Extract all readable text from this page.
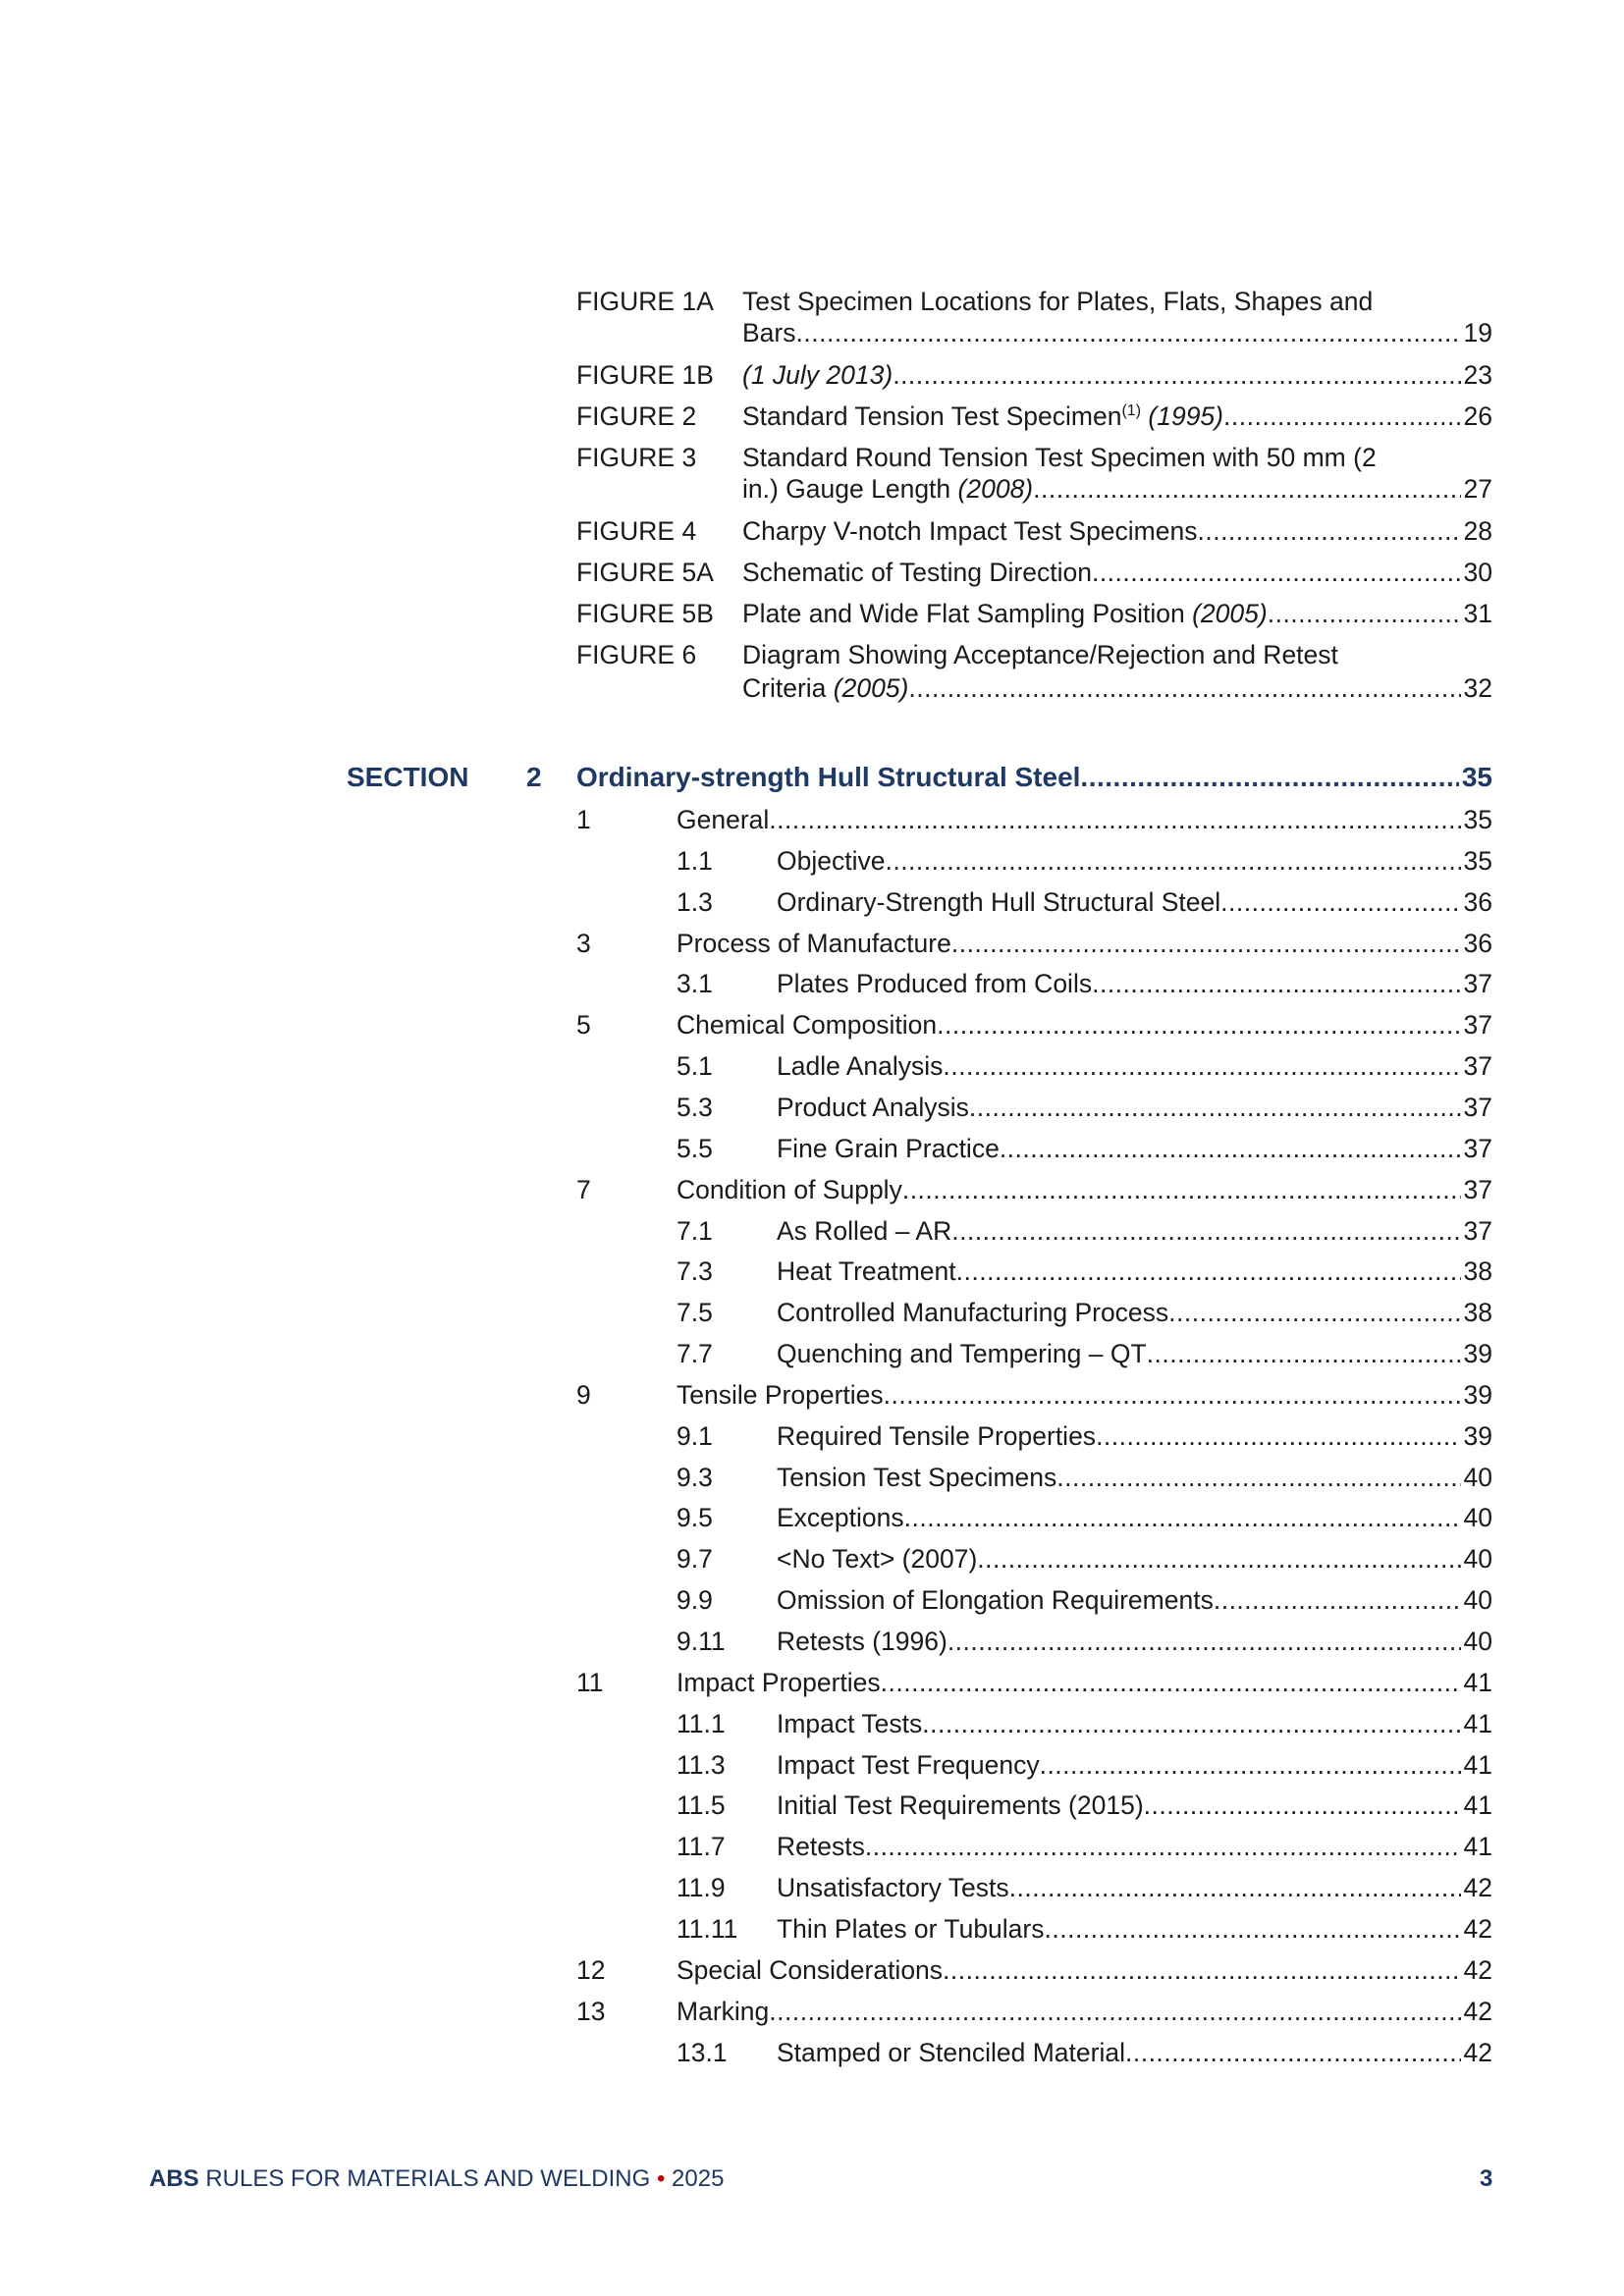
FIGURE 1A Test Specimen Locations for Plates, Flats, Shapes and
Bars .....	19
FIGURE 1B (1 July 2013) .....	23
FIGURE 2 Standard Tension Test Specimen$^{(1)}$ (1995) .....	26
FIGURE 3 Standard Round Tension Test Specimen with 50 mm (2
in.) Gauge Length (2008) .....	27
FIGURE 4 Charpy V-notch Impact Test Specimens .....	28
FIGURE 5A Schematic of Testing Direction .....	30
FIGURE 5B Plate and Wide Flat Sampling Position (2005) .....	31
FIGURE 6 Diagram Showing Acceptance/Rejection and Retest
Criteria (2005) .....	32
SECTION 2 Ordinary-strength Hull Structural Steel .....	35
1	General .....	35
1.1 Objective .....	35
1.3 Ordinary-Strength Hull Structural Steel .....	36
3	Process of Manufacture .....	36
3.1 Plates Produced from Coils .....	37
5	Chemical Composition .....	37
5.1 Ladle Analysis .....	37
5.3 Product Analysis .....	37
5.5 Fine Grain Practice .....	37
7	Condition of Supply .....	37
7.1 As Rolled – AR .....	37
7.3 Heat Treatment .....	38
7.5 Controlled Manufacturing Process .....	38
7.7 Quenching and Tempering – QT .....	39
9	Tensile Properties .....	39
9.1 Required Tensile Properties .....	39
9.3 Tension Test Specimens .....	40
9.5 Exceptions .....	40
9.7 <No Text> (2007) .....	40
9.9 Omission of Elongation Requirements .....	40
9.11 Retests (1996) .....	40
11	Impact Properties .....	41
11.1 Impact Tests .....	41
11.3 Impact Test Frequency .....	41
11.5 Initial Test Requirements (2015) .....	41
11.7 Retests .....	41
11.9 Unsatisfactory Tests .....	42
11.11 Thin Plates or Tubulars .....	42
12	Special Considerations .....	42
13	Marking .....	42
13.1 Stamped or Stenciled Material .....	42
ABS RULES FOR MATERIALS AND WELDING • 2025	3
